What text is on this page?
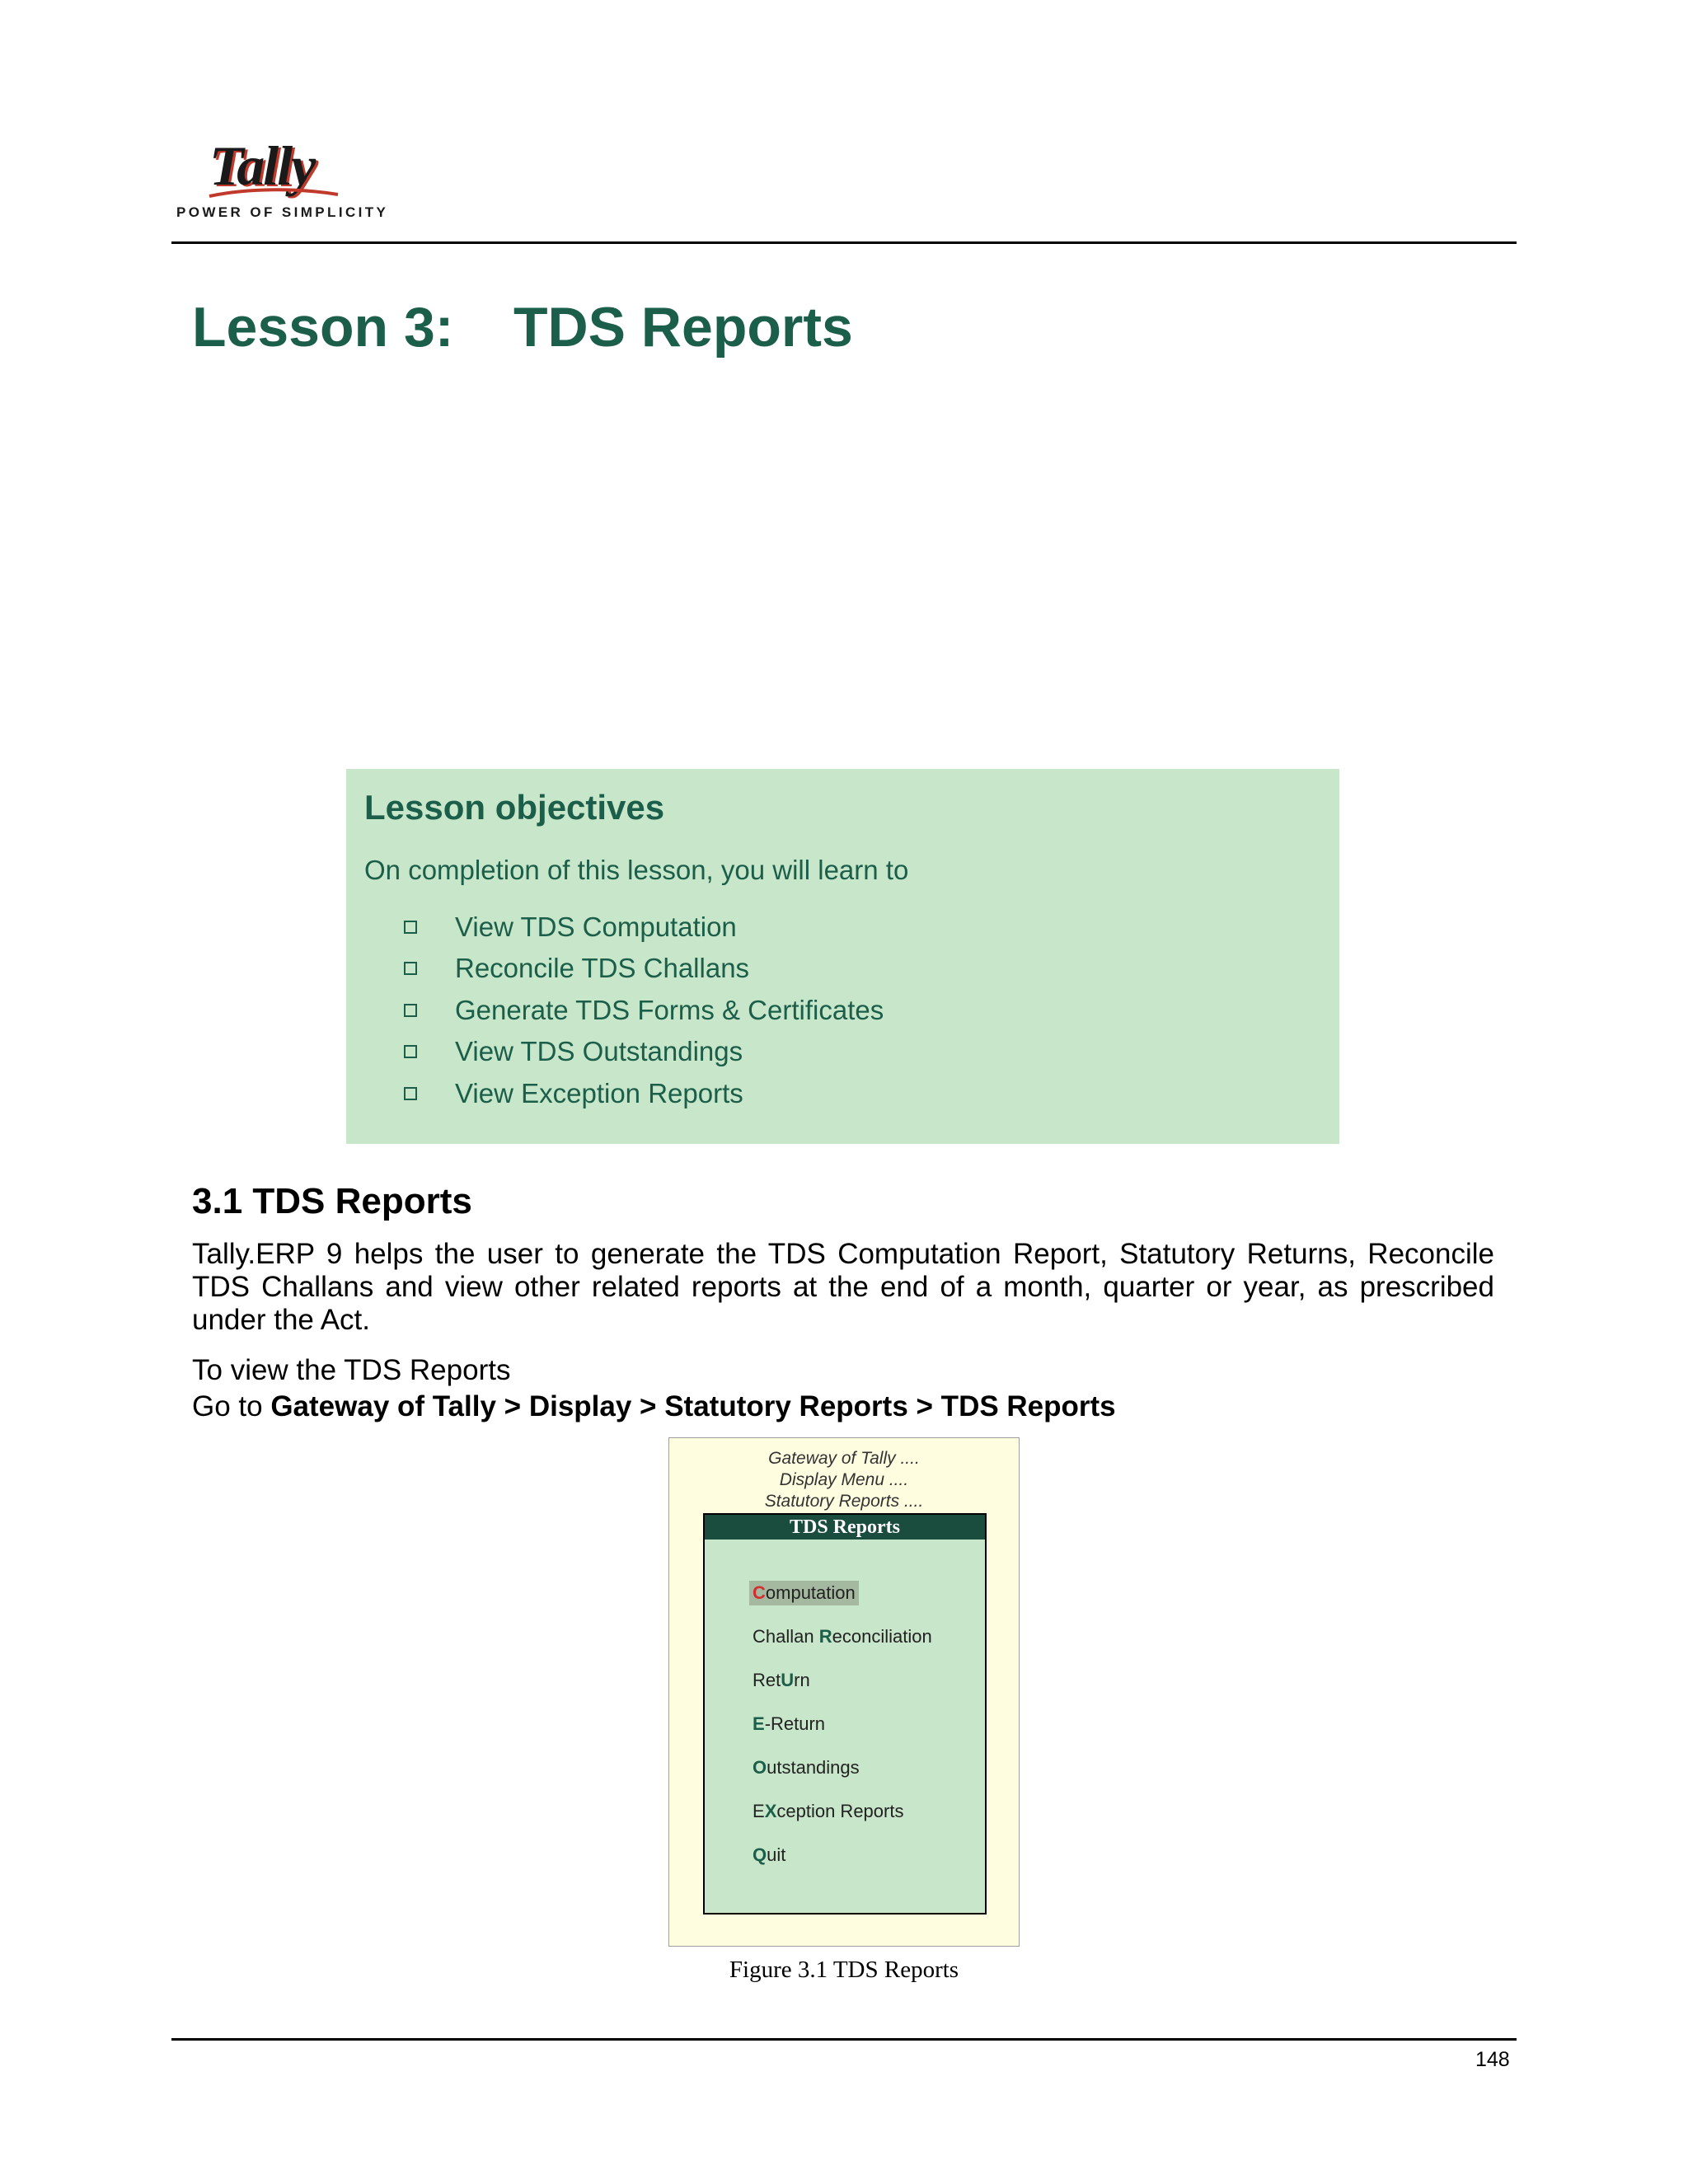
Tally
POWER OF SIMPLICITY
Lesson 3: TDS Reports
Lesson objectives
On completion of this lesson, you will learn to
View TDS Computation
Reconcile TDS Challans
Generate TDS Forms & Certificates
View TDS Outstandings
View Exception Reports
3.1 TDS Reports
Tally.ERP 9 helps the user to generate the TDS Computation Report, Statutory Returns, Reconcile TDS Challans and view other related reports at the end of a month, quarter or year, as prescribed under the Act.
To view the TDS Reports
Go to Gateway of Tally > Display > Statutory Reports > TDS Reports
Gateway of Tally ....
Display Menu ....
Statutory Reports ....
TDS Reports
Computation
Challan Reconciliation
RetUrn
E-Return
Outstandings
EXception Reports
Quit
Figure 3.1 TDS Reports
148
